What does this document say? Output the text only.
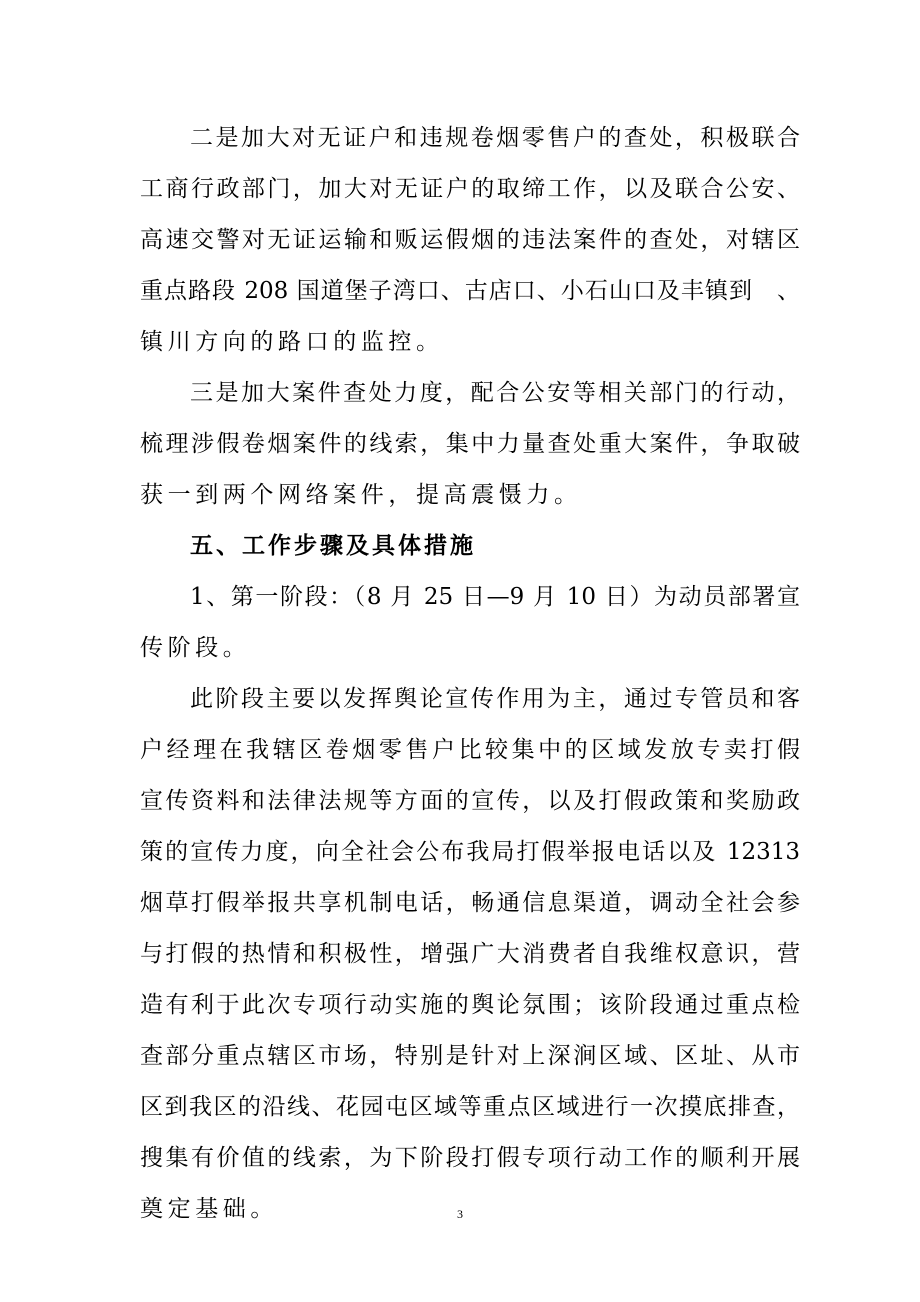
二是加大对无证户和违规卷烟零售户的查处，积极联合
工商行政部门，加大对无证户的取缔工作，以及联合公安、
高速交警对无证运输和贩运假烟的违法案件的查处，对辖区
重点路段 208 国道堡子湾口、古店口、小石山口及丰镇到　、
镇川方向的路口的监控。
三是加大案件查处力度，配合公安等相关部门的行动，
梳理涉假卷烟案件的线索，集中力量查处重大案件，争取破
获一到两个网络案件，提高震慑力。
五、工作步骤及具体措施
1、第一阶段：（8 月 25 日—9 月 10 日）为动员部署宣
传阶段。
此阶段主要以发挥舆论宣传作用为主，通过专管员和客
户经理在我辖区卷烟零售户比较集中的区域发放专卖打假
宣传资料和法律法规等方面的宣传，以及打假政策和奖励政
策的宣传力度，向全社会公布我局打假举报电话以及 12313
烟草打假举报共享机制电话，畅通信息渠道，调动全社会参
与打假的热情和积极性，增强广大消费者自我维权意识，营
造有利于此次专项行动实施的舆论氛围；该阶段通过重点检
查部分重点辖区市场，特别是针对上深涧区域、区址、从市
区到我区的沿线、花园屯区域等重点区域进行一次摸底排查，
搜集有价值的线索，为下阶段打假专项行动工作的顺利开展
奠定基础。	3
